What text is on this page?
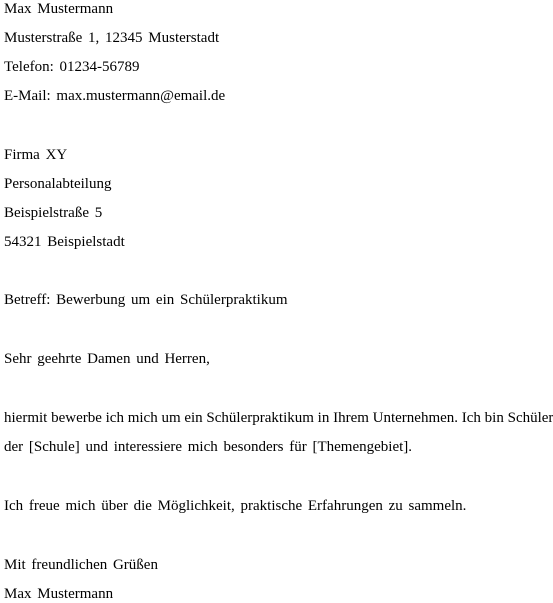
Max Mustermann
Musterstraße 1, 12345 Musterstadt
Telefon: 01234-56789
E-Mail: max.mustermann@email.de
Firma XY
Personalabteilung
Beispielstraße 5
54321 Beispielstadt
Betreff: Bewerbung um ein Schülerpraktikum
Sehr geehrte Damen und Herren,
hiermit bewerbe ich mich um ein Schülerpraktikum in Ihrem Unternehmen. Ich bin Schüler
der [Schule] und interessiere mich besonders für [Themengebiet].
Ich freue mich über die Möglichkeit, praktische Erfahrungen zu sammeln.
Mit freundlichen Grüßen
Max Mustermann
